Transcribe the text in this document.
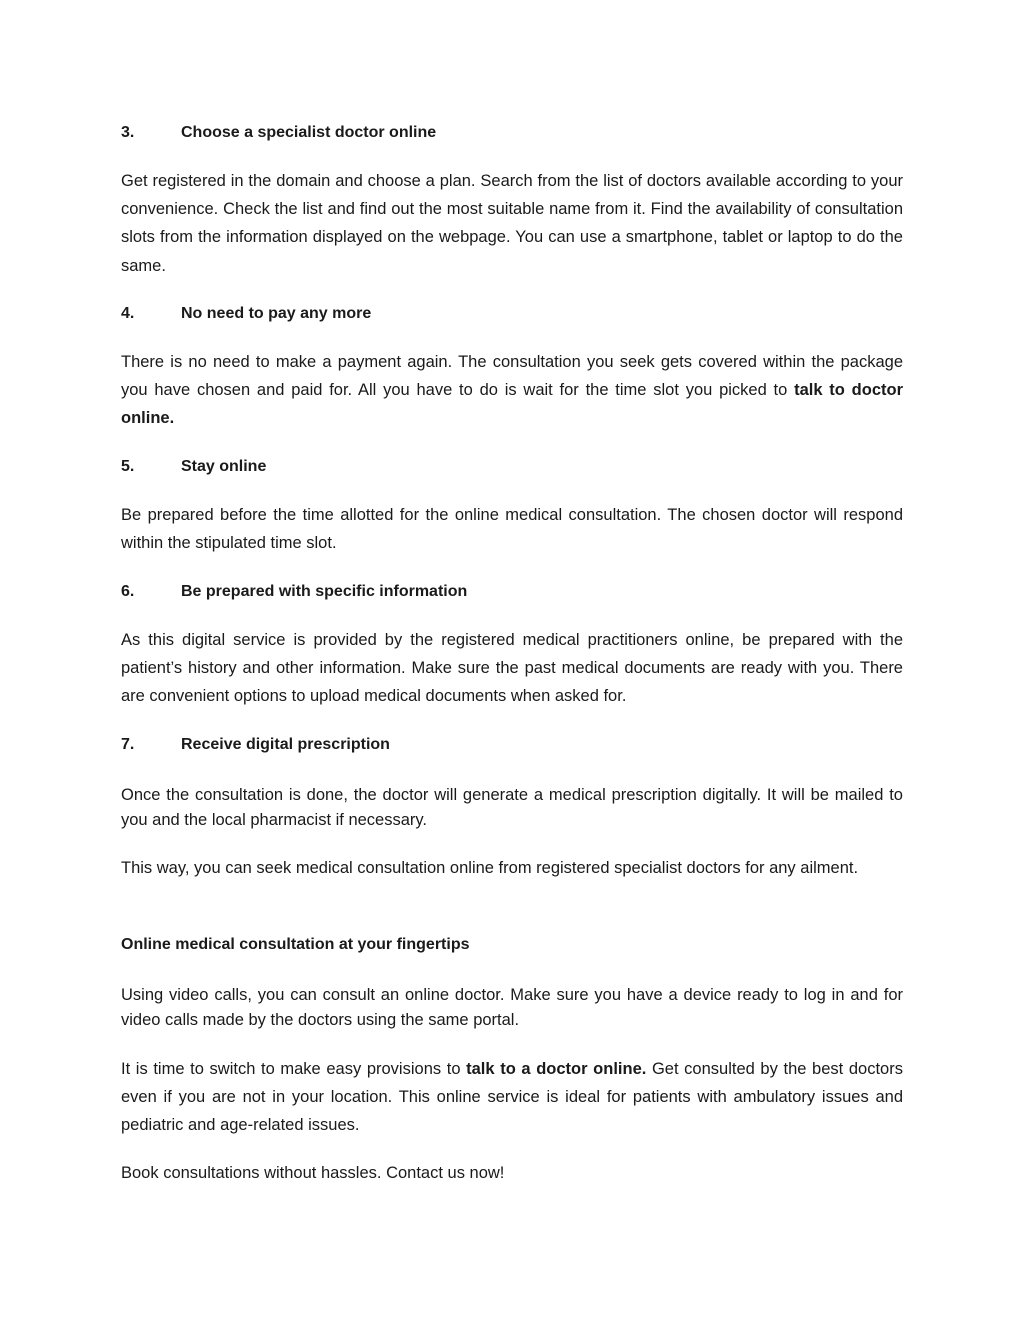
3.	Choose a specialist doctor online

Get registered in the domain and choose a plan. Search from the list of doctors available according to your convenience. Check the list and find out the most suitable name from it. Find the availability of consultation slots from the information displayed on the webpage. You can use a smartphone, tablet or laptop to do the same.

4.	No need to pay any more

There is no need to make a payment again. The consultation you seek gets covered within the package you have chosen and paid for. All you have to do is wait for the time slot you picked to talk to doctor online.

5.	Stay online

Be prepared before the time allotted for the online medical consultation. The chosen doctor will respond within the stipulated time slot.

6.	Be prepared with specific information

As this digital service is provided by the registered medical practitioners online, be prepared with the patient’s history and other information. Make sure the past medical documents are ready with you. There are convenient options to upload medical documents when asked for.

7.	Receive digital prescription

Once the consultation is done, the doctor will generate a medical prescription digitally. It will be mailed to you and the local pharmacist if necessary.

This way, you can seek medical consultation online from registered specialist doctors for any ailment.

Online medical consultation at your fingertips

Using video calls, you can consult an online doctor. Make sure you have a device ready to log in and for video calls made by the doctors using the same portal.

It is time to switch to make easy provisions to talk to a doctor online. Get consulted by the best doctors even if you are not in your location. This online service is ideal for patients with ambulatory issues and pediatric and age-related issues.

Book consultations without hassles. Contact us now!
